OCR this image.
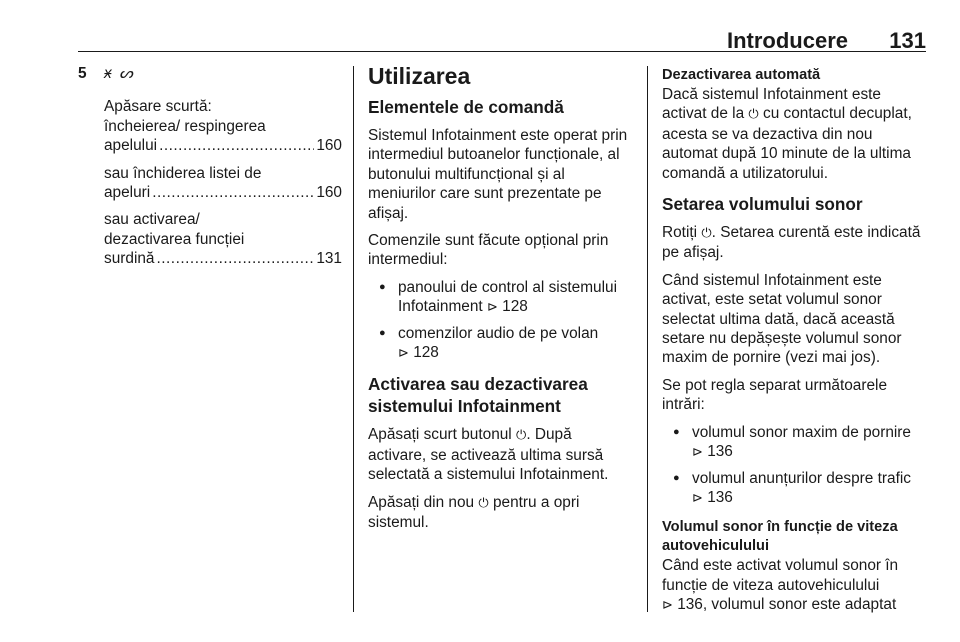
Introducere 131
5	ӿ ᔕ

Apăsare scurtă:

încheierea/ respingerea
apelului .....	160
sau închiderea listei de
apeluri .....	160
sau activarea/
dezactivarea funcției
surdină .....	131
Utilizarea
Elementele de comandă

Sistemul Infotainment este operat prin intermediul butoanelor funcționale, al butonului multifuncțional și al meniurilor care sunt prezentate pe afișaj.

Comenzile sunt făcute opțional prin intermediul:

● panoului de control al sistemului Infotainment ⊳ 128
● comenzilor audio de pe volan
⊳ 128
Activarea sau dezactivarea sistemului Infotainment

Apăsați scurt butonul ⏻. După activare, se activează ultima sursă selectată a sistemului Infotainment.

Apăsați din nou ⏻ pentru a opri sistemul.

Dezactivarea automată

Dacă sistemul Infotainment este activat de la ⏻ cu contactul decuplat, acesta se va dezactiva din nou automat după 10 minute de la ultima comandă a utilizatorului.

Setarea volumului sonor

Rotiți ⏻. Setarea curentă este indicată pe afișaj.

Când sistemul Infotainment este activat, este setat volumul sonor selectat ultima dată, dacă această setare nu depășește volumul sonor maxim de pornire (vezi mai jos).

Se pot regla separat următoarele intrări:

● volumul sonor maxim de pornire
⊳ 136
● volumul anunțurilor despre trafic
⊳ 136
Volumul sonor în funcție de viteza autovehiculului

Când este activat volumul sonor în funcție de viteza autovehiculului
⊳ 136, volumul sonor este adaptat
